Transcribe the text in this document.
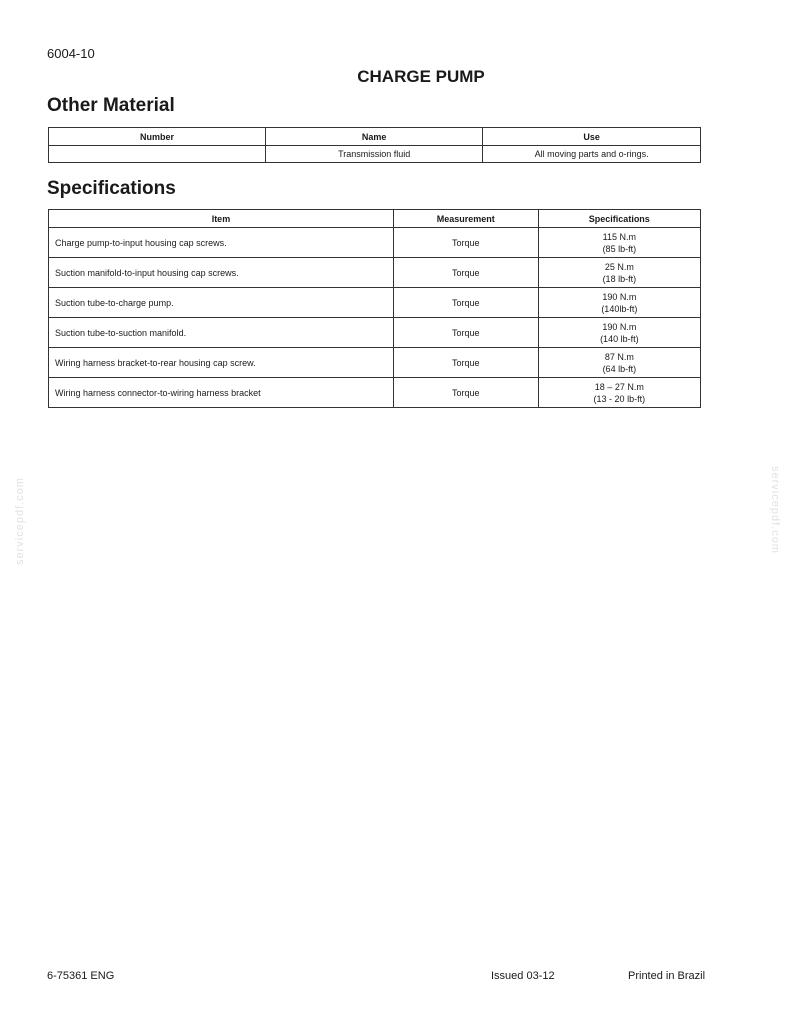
6004-10
CHARGE PUMP
Other Material
Number	Name	Use
	Transmission fluid	All moving parts and o-rings.
Specifications
Item	Measurement	Specifications
Charge pump-to-input housing cap screws.	Torque	115 N.m
(85 lb-ft)

Suction manifold-to-input housing cap screws.	Torque	25 N.m
(18 lb-ft)

Suction tube-to-charge pump.	Torque	190 N.m
(140lb-ft)

Suction tube-to-suction manifold.	Torque	190 N.m
(140 lb-ft)

Wiring harness bracket-to-rear housing cap screw.	Torque	87 N.m
(64 lb-ft)

Wiring harness connector-to-wiring harness bracket	Torque	18 – 27 N.m
(13 - 20 lb-ft)
servicepdf.com	servicepdf.com
6-75361 ENG	Issued 03-12	Printed in Brazil
